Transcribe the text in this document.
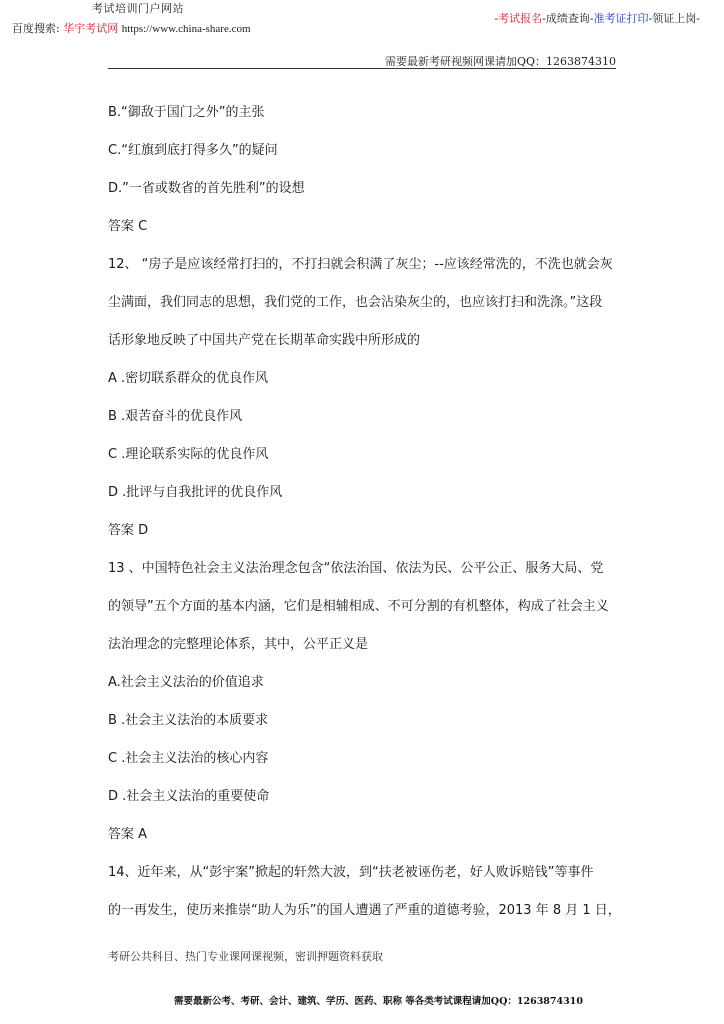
考试培训门户网站
百度搜索: 华宇考试网 https://www.china-share.com
-考试报名-成绩查询-准考证打印-领证上岗-
需要最新考研视频网课请加QQ：1263874310
B.“御敌于国门之外”的主张
C.“红旗到底打得多久”的疑问
D.”一省或数省的首先胜利”的设想
答案 C
12、 “房子是应该经常打扫的，不打扫就会积满了灰尘；--应该经常洗的，不洗也就会灰
尘满面，我们同志的思想，我们党的工作，也会沾染灰尘的，也应该打扫和洗涤。”这段
话形象地反映了中国共产党在长期革命实践中所形成的
A .密切联系群众的优良作风
B .艰苦奋斗的优良作风
C .理论联系实际的优良作风
D .批评与自我批评的优良作风
答案 D
13 、中国特色社会主义法治理念包含“依法治国、依法为民、公平公正、服务大局、党
的领导”五个方面的基本内涵，它们是相辅相成、不可分割的有机整体，构成了社会主义
法治理念的完整理论体系，其中，公平正义是
A.社会主义法治的价值追求
B .社会主义法治的本质要求
C .社会主义法治的核心内容
D .社会主义法治的重要使命
答案 A
14、近年来，从“彭宇案”掀起的轩然大波，到“扶老被诬伤老，好人败诉赔钱”等事件
的一再发生，使历来推崇“助人为乐”的国人遭遇了严重的道德考验，2013 年 8 月 1 日，
考研公共科目、热门专业课网课视频，密训押题资料获取
需要最新公考、考研、会计、建筑、学历、医药、职称 等各类考试课程请加QQ：1263874310
